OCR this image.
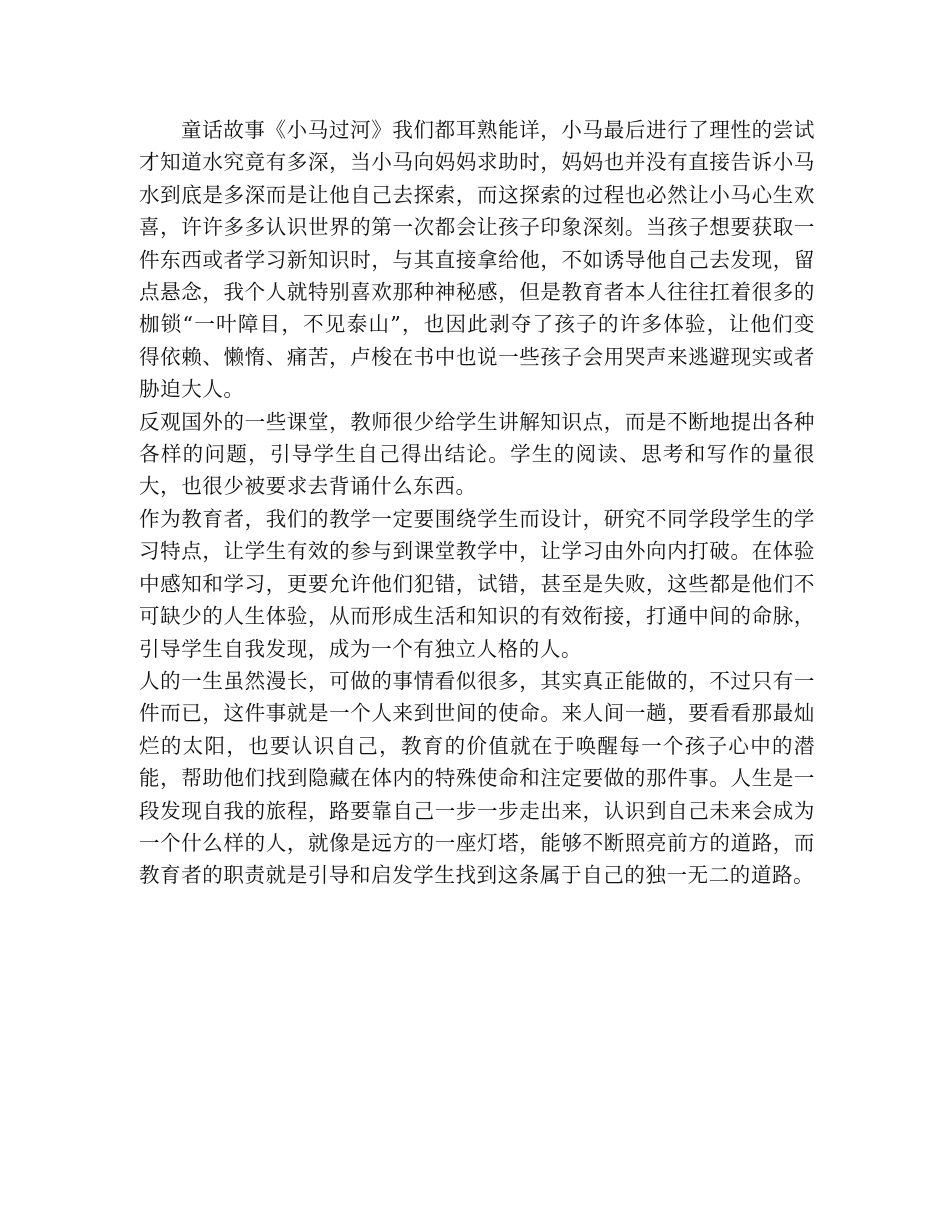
童话故事《小马过河》我们都耳熟能详，小马最后进行了理性的尝试才知道水究竟有多深，当小马向妈妈求助时，妈妈也并没有直接告诉小马水到底是多深而是让他自己去探索，而这探索的过程也必然让小马心生欢喜，许许多多认识世界的第一次都会让孩子印象深刻。当孩子想要获取一件东西或者学习新知识时，与其直接拿给他，不如诱导他自己去发现，留点悬念，我个人就特别喜欢那种神秘感，但是教育者本人往往扛着很多的枷锁“一叶障目，不见泰山”，也因此剥夺了孩子的许多体验，让他们变得依赖、懒惰、痛苦，卢梭在书中也说一些孩子会用哭声来逃避现实或者胁迫大人。

反观国外的一些课堂，教师很少给学生讲解知识点，而是不断地提出各种各样的问题，引导学生自己得出结论。学生的阅读、思考和写作的量很大，也很少被要求去背诵什么东西。

作为教育者，我们的教学一定要围绕学生而设计，研究不同学段学生的学习特点，让学生有效的参与到课堂教学中，让学习由外向内打破。在体验中感知和学习，更要允许他们犯错，试错，甚至是失败，这些都是他们不可缺少的人生体验，从而形成生活和知识的有效衔接，打通中间的命脉，引导学生自我发现，成为一个有独立人格的人。

人的一生虽然漫长，可做的事情看似很多，其实真正能做的，不过只有一件而已，这件事就是一个人来到世间的使命。来人间一趟，要看看那最灿烂的太阳，也要认识自己，教育的价值就在于唤醒每一个孩子心中的潜能，帮助他们找到隐藏在体内的特殊使命和注定要做的那件事。人生是一段发现自我的旅程，路要靠自己一步一步走出来，认识到自己未来会成为一个什么样的人，就像是远方的一座灯塔，能够不断照亮前方的道路，而教育者的职责就是引导和启发学生找到这条属于自己的独一无二的道路。
